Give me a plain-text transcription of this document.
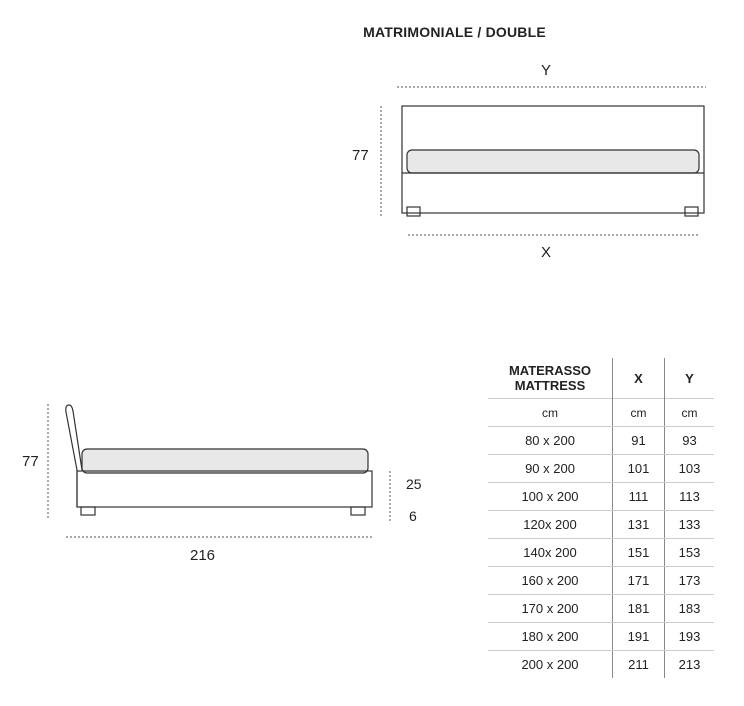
MATRIMONIALE / DOUBLE
Y
X
77
77
216
25
6
MATERASSO
MATTRESS	X	Y
cm	cm	cm
80 x 200	91	93
90 x 200	101	103
100 x 200	111	113
120x 200	131	133
140x 200	151	153
160 x 200	171	173
170 x 200	181	183
180 x 200	191	193
200 x 200	211	213
